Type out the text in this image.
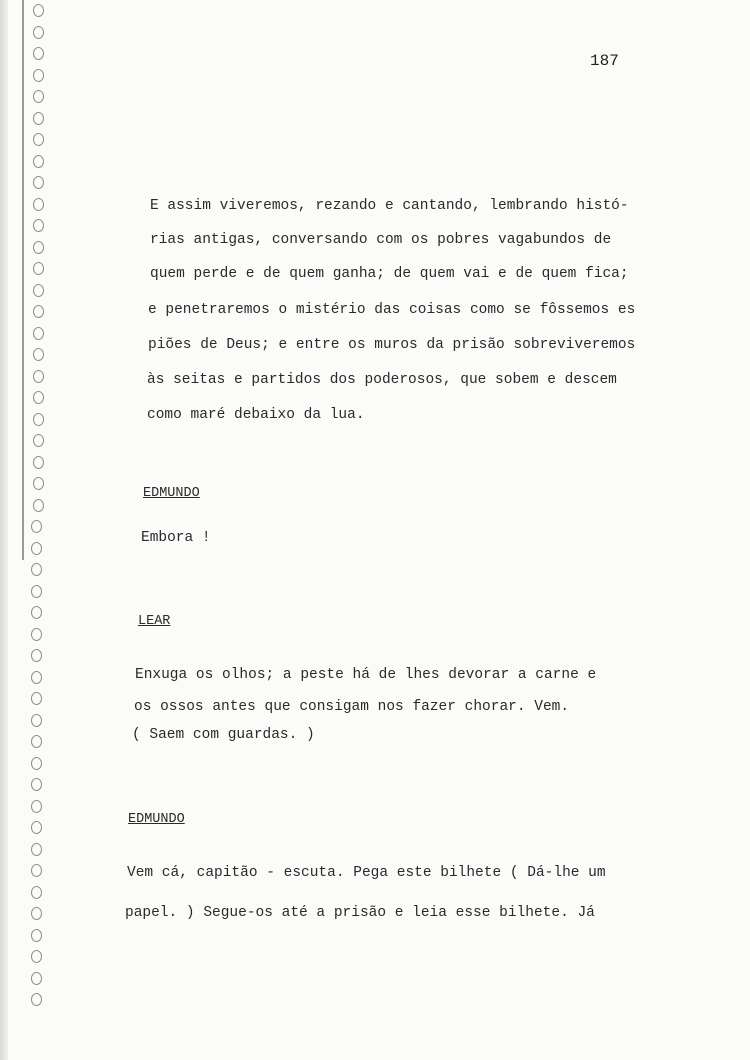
187
E assim viveremos, rezando e cantando, lembrando histó-
rias antigas, conversando com os pobres vagabundos de
quem perde e de quem ganha; de quem vai e de quem fica;
e penetraremos o mistério das coisas como se fôssemos es
piões de Deus; e entre os muros da prisão sobreviveremos
às seitas e partidos dos poderosos, que sobem e descem
como maré debaixo da lua.
EDMUNDO
Embora !
LEAR
Enxuga os olhos; a peste há de lhes devorar a carne e
os ossos antes que consigam nos fazer chorar. Vem.
( Saem com guardas. )
EDMUNDO
Vem cá, capitão - escuta. Pega este bilhete ( Dá-lhe um
papel. ) Segue-os até a prisão e leia esse bilhete. Já
